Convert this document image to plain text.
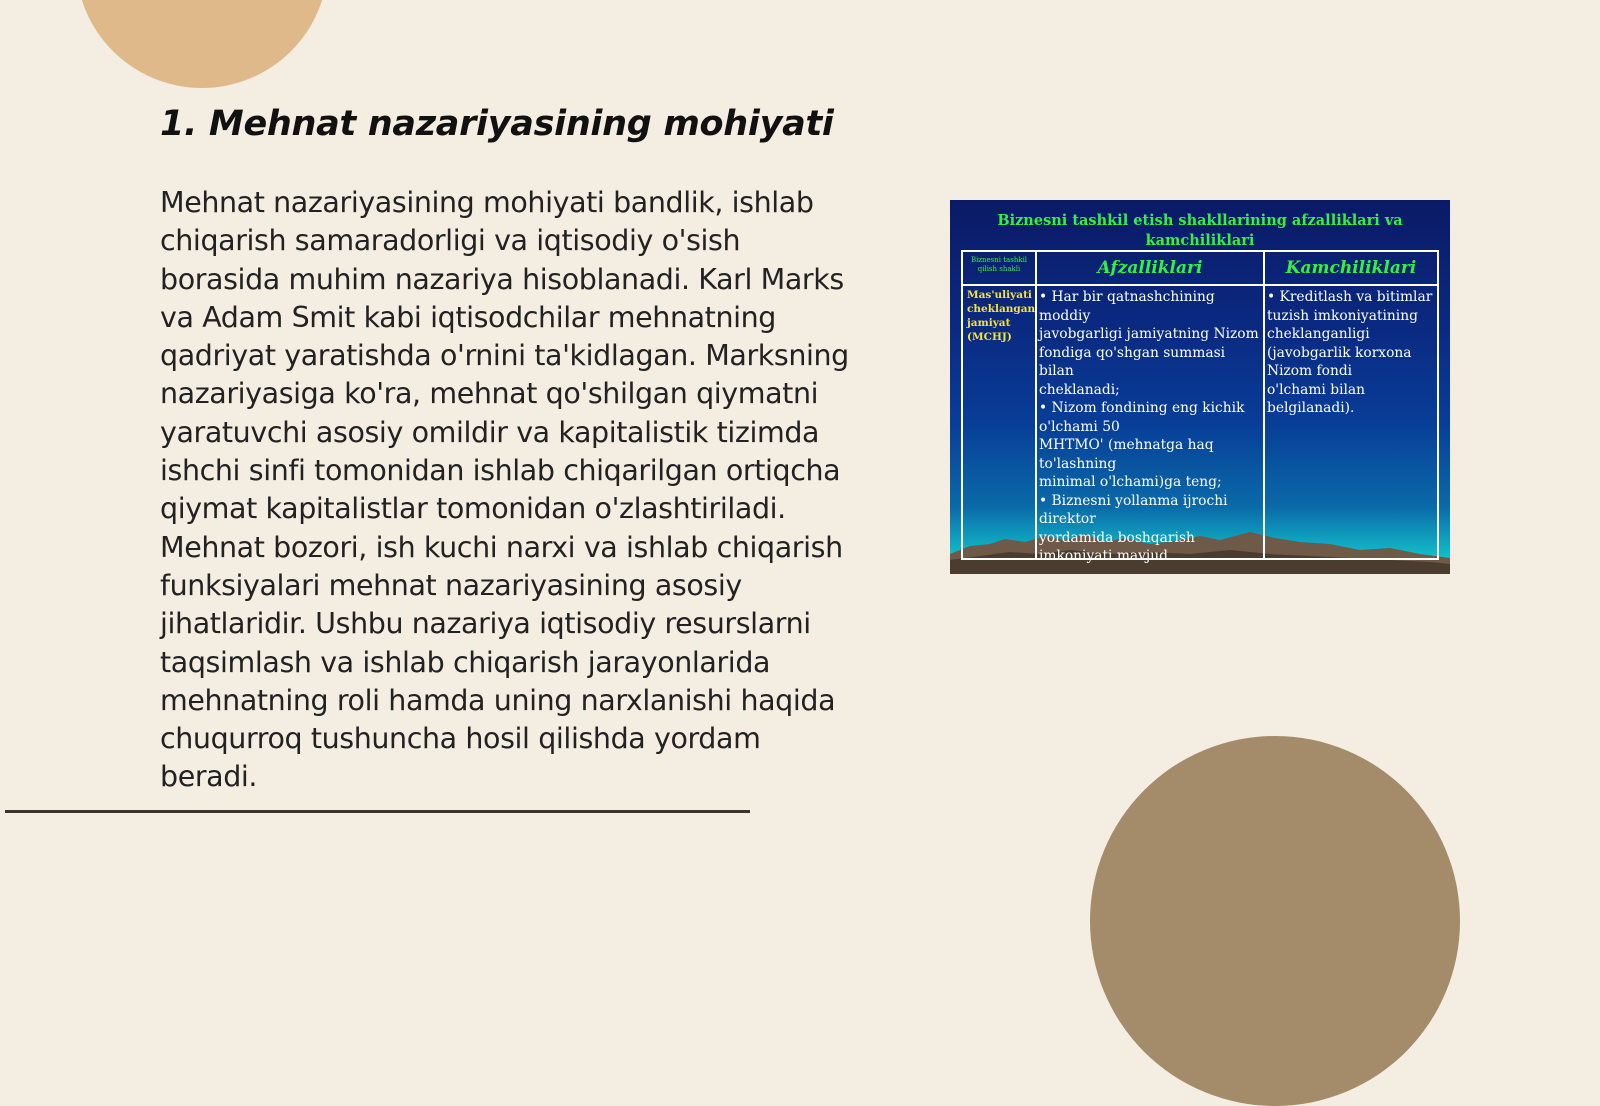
1. Mehnat nazariyasining mohiyati

Mehnat nazariyasining mohiyati bandlik, ishlab chiqarish samaradorligi va iqtisodiy o'sish borasida muhim nazariya hisoblanadi. Karl Marks va Adam Smit kabi iqtisodchilar mehnatning qadriyat yaratishda o'rnini ta'kidlagan. Marksning nazariyasiga ko'ra, mehnat qo'shilgan qiymatni yaratuvchi asosiy omildir va kapitalistik tizimda ishchi sinfi tomonidan ishlab chiqarilgan ortiqcha qiymat kapitalistlar tomonidan o'zlashtiriladi. Mehnat bozori, ish kuchi narxi va ishlab chiqarish funksiyalari mehnat nazariyasining asosiy jihatlaridir. Ushbu nazariya iqtisodiy resurslarni taqsimlash va ishlab chiqarish jarayonlarida mehnatning roli hamda uning narxlanishi haqida chuqurroq tushuncha hosil qilishda yordam beradi.

Biznesni tashkil etish shakllarining afzalliklari va kamchiliklari
Biznesni tashkil qilish shakli	Afzalliklari	Kamchiliklari
Mas'uliyati cheklangan jamiyat (MCHJ)
• Har bir qatnashchining moddiy
javobgarligi jamiyatning Nizom
fondiga qo'shgan summasi bilan
cheklanadi;
• Nizom fondining eng kichik
o'lchami 50
MHTMO' (mehnatga haq
to'lashning
minimal o'lchami)ga teng;
• Biznesni yollanma ijrochi
direktor
yordamida boshqarish
imkoniyati mavjud.
• Kreditlash va bitimlar
tuzish imkoniyatining
cheklanganligi
(javobgarlik korxona
Nizom fondi
o'lchami bilan
belgilanadi).
